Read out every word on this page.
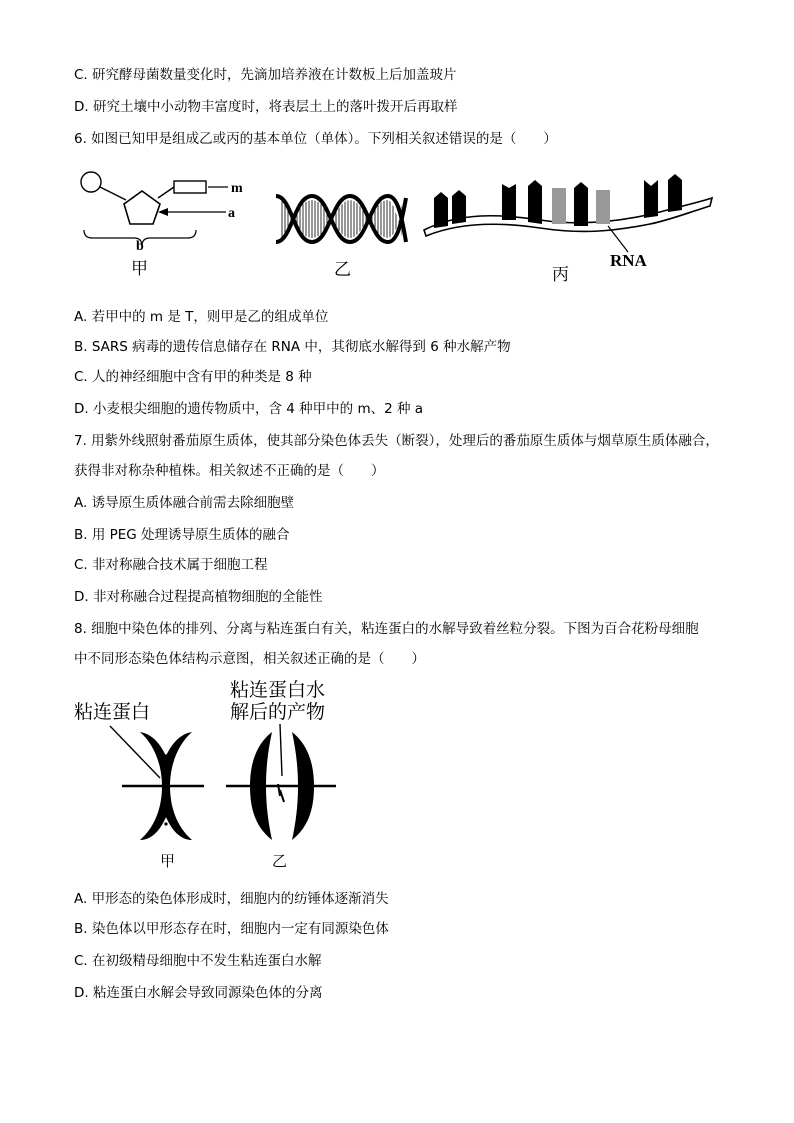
C. 研究酵母菌数量变化时，先滴加培养液在计数板上后加盖玻片
D. 研究土壤中小动物丰富度时，将表层土上的落叶拨开后再取样
6. 如图已知甲是组成乙或丙的基本单位（单体）。下列相关叙述错误的是（　　）
m
a
b
甲	乙	RNA
丙
A. 若甲中的 m 是 T，则甲是乙的组成单位
B. SARS 病毒的遗传信息储存在 RNA 中，其彻底水解得到 6 种水解产物
C. 人的神经细胞中含有甲的种类是 8 种
D. 小麦根尖细胞的遗传物质中，含 4 种甲中的 m、2 种 a
7. 用紫外线照射番茄原生质体，使其部分染色体丢失（断裂），处理后的番茄原生质体与烟草原生质体融合，
获得非对称杂种植株。相关叙述不正确的是（　　）
A. 诱导原生质体融合前需去除细胞壁
B. 用 PEG 处理诱导原生质体的融合
C. 非对称融合技术属于细胞工程
D. 非对称融合过程提高植物细胞的全能性
8. 细胞中染色体的排列、分离与粘连蛋白有关，粘连蛋白的水解导致着丝粒分裂。下图为百合花粉母细胞
中不同形态染色体结构示意图，相关叙述正确的是（　　）
粘连蛋白
粘连蛋白水
解后的产物
甲	乙
A. 甲形态的染色体形成时，细胞内的纺锤体逐渐消失
B. 染色体以甲形态存在时，细胞内一定有同源染色体
C. 在初级精母细胞中不发生粘连蛋白水解
D. 粘连蛋白水解会导致同源染色体的分离
